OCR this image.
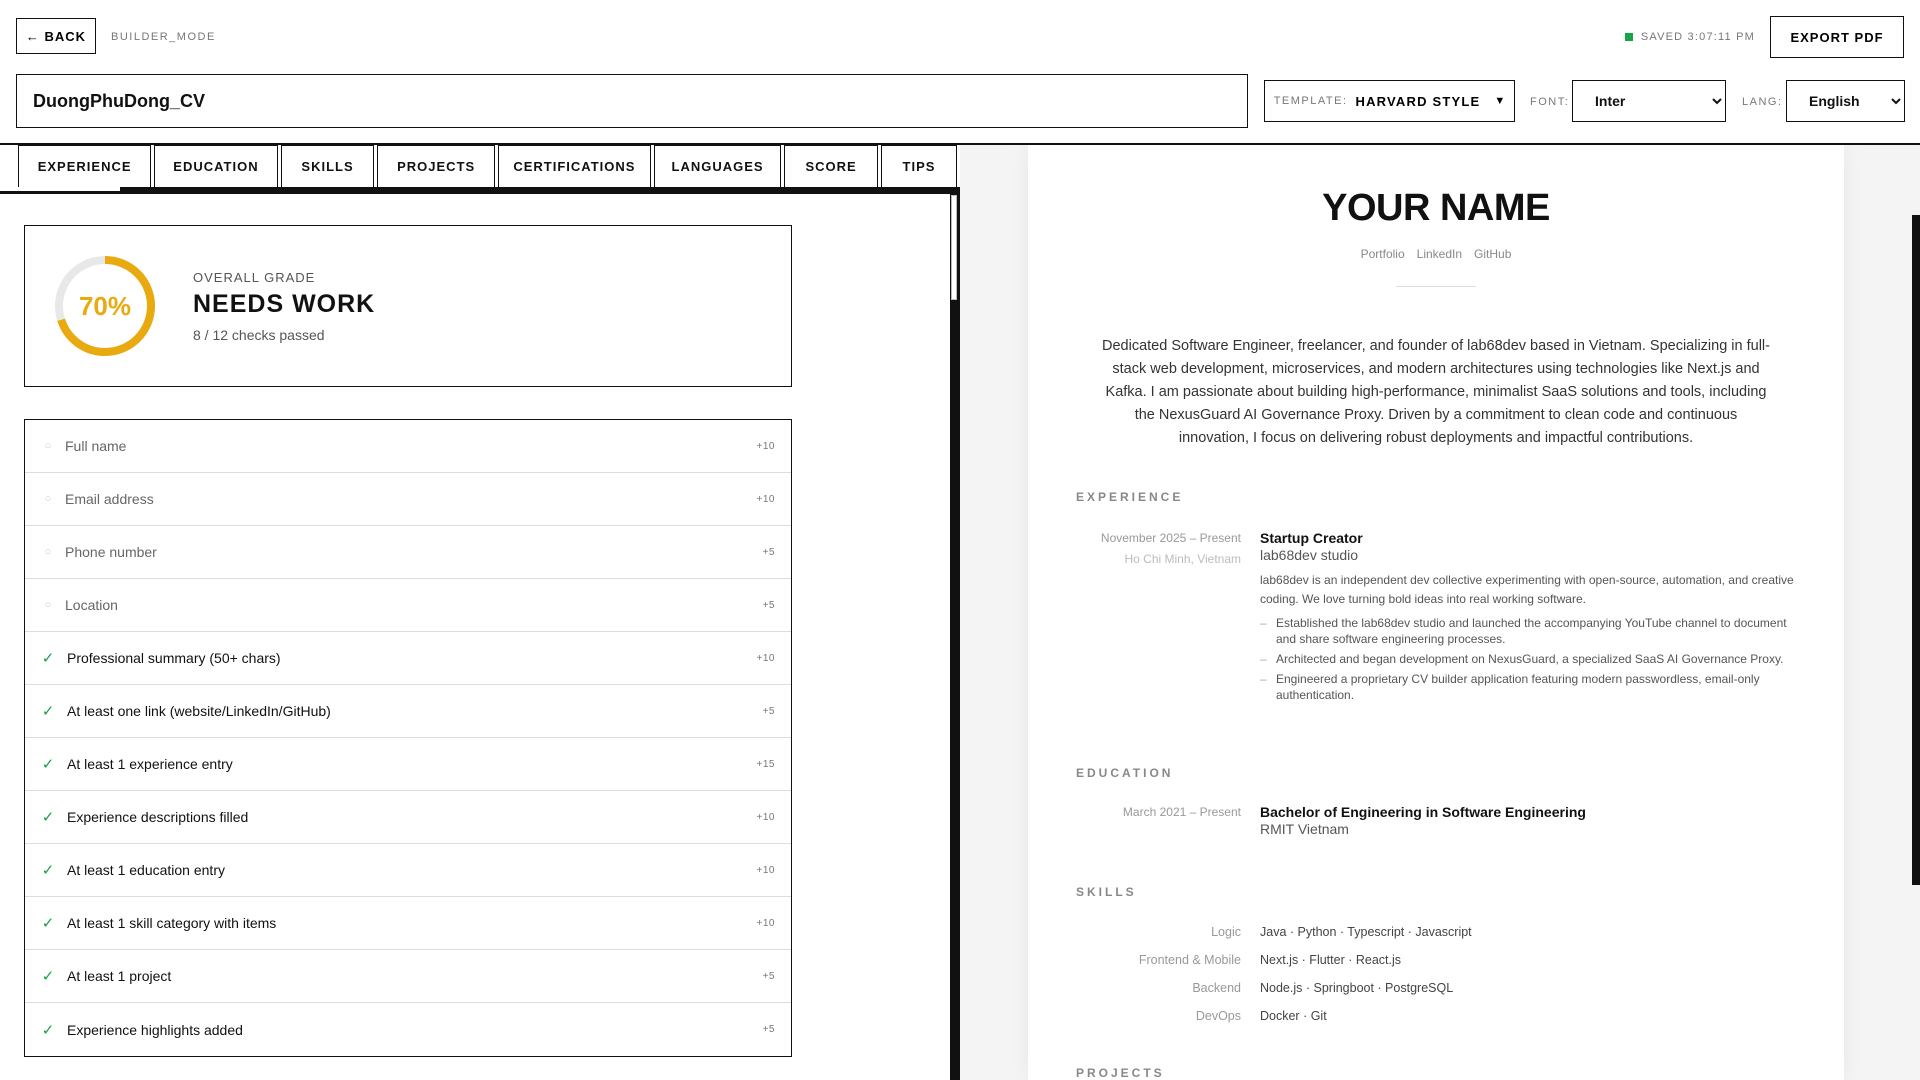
← BACK	BUILDER_MODE	SAVED 3:07:11 PM	EXPORT PDF
DuongPhuDong_CV
TEMPLATE: HARVARD STYLE ▼ FONT:
Inter	LANG:
English
EXPERIENCE	EDUCATION	SKILLS	PROJECTS	CERTIFICATIONS	LANGUAGES	SCORE	TIPS
70%
OVERALL GRADE
NEEDS WORK
8 / 12 checks passed
○ Full name	+10
○ Email address	+10
○ Phone number	+5
○ Location	+5
✓ Professional summary (50+ chars)	+10
✓ At least one link (website/LinkedIn/GitHub)	+5
✓ At least 1 experience entry	+15
✓ Experience descriptions filled	+10
✓ At least 1 education entry	+10
✓ At least 1 skill category with items	+10
✓ At least 1 project	+5
✓ Experience highlights added	+5
YOUR NAME
Portfolio LinkedIn GitHub
Dedicated Software Engineer, freelancer, and founder of lab68dev based in Vietnam. Specializing in full-stack web development, microservices, and modern architectures using technologies like Next.js and Kafka. I am passionate about building high-performance, minimalist SaaS solutions and tools, including the NexusGuard AI Governance Proxy. Driven by a commitment to clean code and continuous innovation, I focus on delivering robust deployments and impactful contributions.
EXPERIENCE
November 2025 – Present
Ho Chi Minh, Vietnam
Startup Creator
lab68dev studio
lab68dev is an independent dev collective experimenting with open-source, automation, and creative coding. We love turning bold ideas into real working software.
– Established the lab68dev studio and launched the accompanying YouTube channel to document and share software engineering processes.
– Architected and began development on NexusGuard, a specialized SaaS AI Governance Proxy.
– Engineered a proprietary CV builder application featuring modern passwordless, email-only authentication.
EDUCATION
March 2021 – Present Bachelor of Engineering in Software Engineering
RMIT Vietnam
SKILLS
Logic Java · Python · Typescript · Javascript
Frontend & Mobile Next.js · Flutter · React.js
Backend Node.js · Springboot · PostgreSQL
DevOps Docker · Git
PROJECTS
